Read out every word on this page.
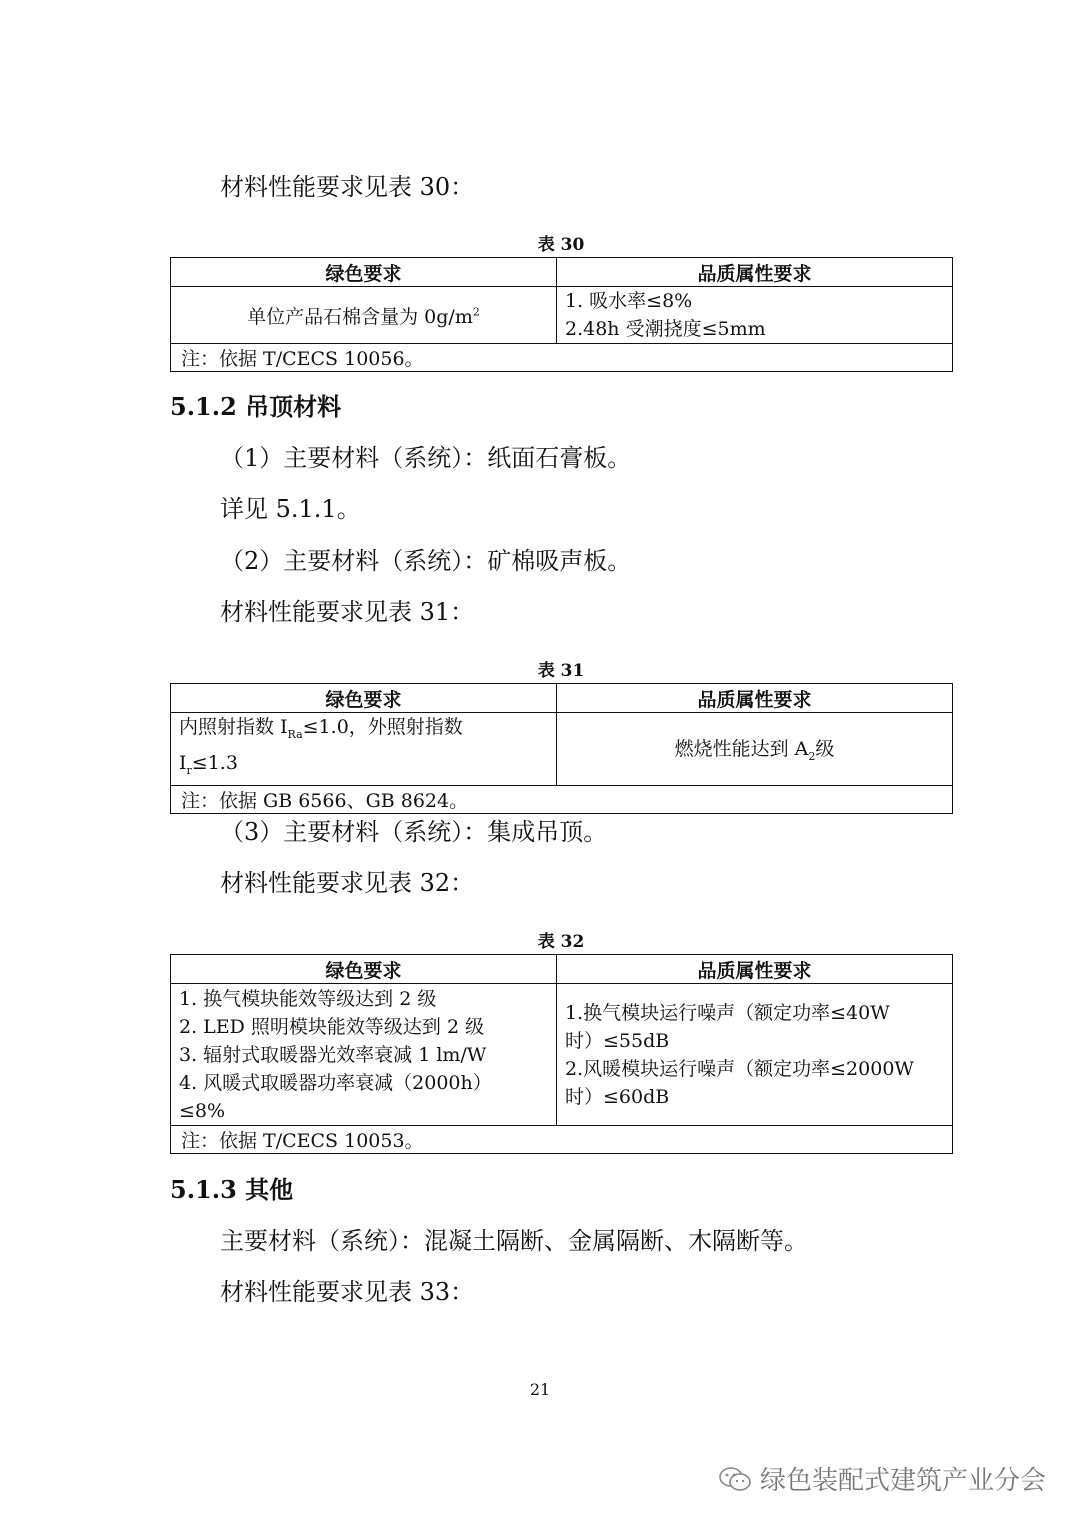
材料性能要求见表 30：
表 30
绿色要求	品质属性要求
单位产品石棉含量为 $0g/m^2$	1. 吸水率≤8%
2.48h 受潮挠度≤5mm

注：依据 T/CECS 10056。	
5.1.2 吊顶材料
（1）主要材料（系统）：纸面石膏板。
详见 5.1.1。
（2）主要材料（系统）：矿棉吸声板。
材料性能要求见表 31：
表 31
绿色要求	品质属性要求

内照射指数 $I_{Ra}\le 1.0$，外照射指数
$I_r\le 1.3$	燃烧性能达到 $A_2$级
注：依据 GB 6566、GB 8624。	
（3）主要材料（系统）：集成吊顶。
材料性能要求见表 32：
表 32
绿色要求	品质属性要求

1. 换气模块能效等级达到 2 级
2. LED 照明模块能效等级达到 2 级
3. 辐射式取暖器光效率衰减 1 lm/W
4. 风暖式取暖器功率衰减（2000h）
≤8%	1.换气模块运行噪声（额定功率≤40W
时）≤55dB
2.风暖模块运行噪声（额定功率≤2000W
时）≤60dB

注：依据 T/CECS 10053。	
5.1.3 其他
主要材料（系统）：混凝土隔断、金属隔断、木隔断等。
材料性能要求见表 33：
21
绿色装配式建筑产业分会
